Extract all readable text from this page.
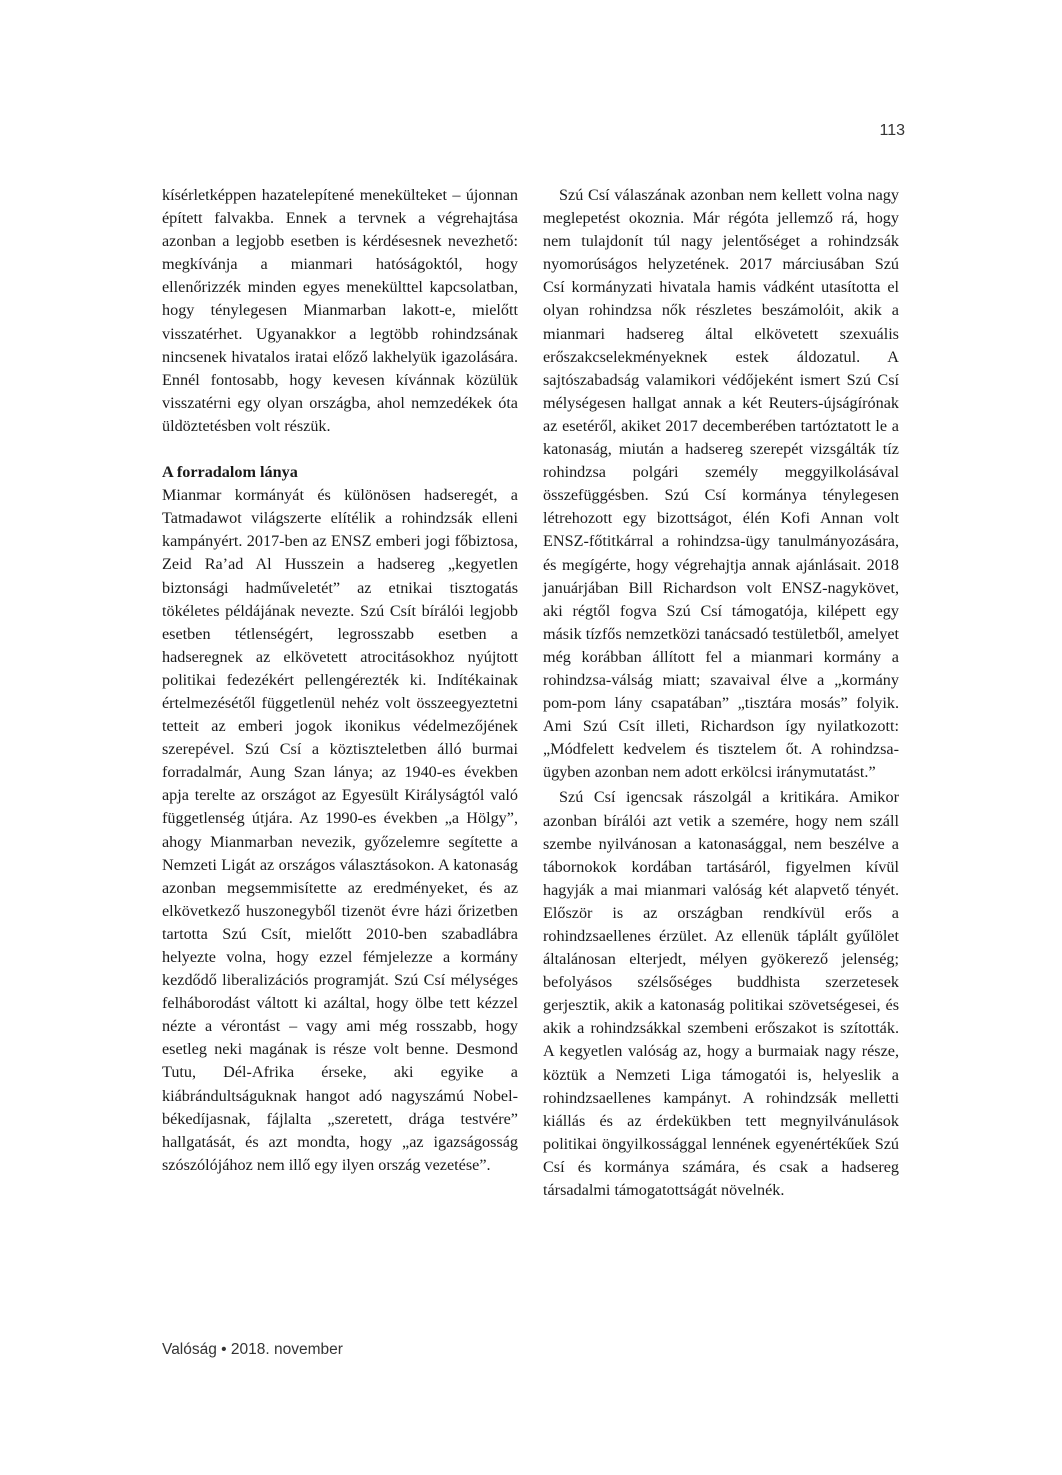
113

kísérletképpen hazatelepítené menekülteket – újonnan épített falvakba. Ennek a tervnek a végrehajtása azonban a legjobb esetben is kérdésesnek nevezhető: megkívánja a mianmari hatóságoktól, hogy ellenőrizzék minden egyes menekülttel kapcsolatban, hogy ténylegesen Mianmarban lakott-e, mielőtt visszatérhet. Ugyanakkor a legtöbb rohindzsának nincsenek hivatalos iratai előző lakhelyük igazolására. Ennél fontosabb, hogy kevesen kívánnak közülük visszatérni egy olyan országba, ahol nemzedékek óta üldöztetésben volt részük.

A forradalom lánya

Mianmar kormányát és különösen hadseregét, a Tatmadawot világszerte elítélik a rohindzsák elleni kampányért. 2017-ben az ENSZ emberi jogi főbiztosa, Zeid Ra’ad Al Husszein a hadsereg „kegyetlen biztonsági hadműveletét” az etnikai tisztogatás tökéletes példájának nevezte. Szú Csít bírálói legjobb esetben tétlenségért, legrosszabb esetben a hadseregnek az elkövetett atrocitásokhoz nyújtott politikai fedezékért pellengérezték ki. Indítékainak értelmezésétől függetlenül nehéz volt összeegyeztetni tetteit az emberi jogok ikonikus védelmezőjének szerepével. Szú Csí a köztiszteletben álló burmai forradalmár, Aung Szan lánya; az 1940-es években apja terelte az országot az Egyesült Királyságtól való függetlenség útjára. Az 1990-es években „a Hölgy”, ahogy Mianmarban nevezik, győzelemre segítette a Nemzeti Ligát az országos választásokon. A katonaság azonban megsemmisítette az eredményeket, és az elkövetkező huszonegyből tizenöt évre házi őrizetben tartotta Szú Csít, mielőtt 2010-ben szabadlábra helyezte volna, hogy ezzel fémjelezze a kormány kezdődő liberalizációs programját. Szú Csí mélységes felháborodást váltott ki azáltal, hogy ölbe tett kézzel nézte a vérontást – vagy ami még rosszabb, hogy esetleg neki magának is része volt benne. Desmond Tutu, Dél-Afrika érseke, aki egyike a kiábrándultságuknak hangot adó nagyszámú Nobel-békedíjasnak, fájlalta „szeretett, drága testvére” hallgatását, és azt mondta, hogy „az igazságosság szószólójához nem illő egy ilyen ország vezetése”.

Szú Csí válaszának azonban nem kellett volna nagy meglepetést okoznia. Már régóta jellemző rá, hogy nem tulajdonít túl nagy jelentőséget a rohindzsák nyomorúságos helyzetének. 2017 márciusában Szú Csí kormányzati hivatala hamis vádként utasította el olyan rohindzsa nők részletes beszámolóit, akik a mianmari hadsereg által elkövetett szexuális erőszakcselekményeknek estek áldozatul. A sajtószabadság valamikori védőjeként ismert Szú Csí mélységesen hallgat annak a két Reuters-újságírónak az esetéről, akiket 2017 decemberében tartóztatott le a katonaság, miután a hadsereg szerepét vizsgálták tíz rohindzsa polgári személy meggyilkolásával összefüggésben. Szú Csí kormánya ténylegesen létrehozott egy bizottságot, élén Kofi Annan volt ENSZ-főtitkárral a rohindzsa-ügy tanulmányozására, és megígérte, hogy végrehajtja annak ajánlásait. 2018 januárjában Bill Richardson volt ENSZ-nagykövet, aki régtől fogva Szú Csí támogatója, kilépett egy másik tízfős nemzetközi tanácsadó testületből, amelyet még korábban állított fel a mianmari kormány a rohindzsa-válság miatt; szavaival élve a „kormány pom-pom lány csapatában” „tisztára mosás” folyik. Ami Szú Csít illeti, Richardson így nyilatkozott: „Módfelett kedvelem és tisztelem őt. A rohindzsa-ügyben azonban nem adott erkölcsi iránymutatást.”

Szú Csí igencsak rászolgál a kritikára. Amikor azonban bírálói azt vetik a szemére, hogy nem száll szembe nyilvánosan a katonasággal, nem beszélve a tábornokok kordában tartásáról, figyelmen kívül hagyják a mai mianmari valóság két alapvető tényét. Először is az országban rendkívül erős a rohindzsaellenes érzület. Az ellenük táplált gyűlölet általánosan elterjedt, mélyen gyökerező jelenség; befolyásos szélsőséges buddhista szerzetesek gerjesztik, akik a katonaság politikai szövetségesei, és akik a rohindzsákkal szembeni erőszakot is szították. A kegyetlen valóság az, hogy a burmaiak nagy része, köztük a Nemzeti Liga támogatói is, helyeslik a rohindzsaellenes kampányt. A rohindzsák melletti kiállás és az érdekükben tett megnyilvánulások politikai öngyilkossággal lennének egyenértékűek Szú Csí és kormánya számára, és csak a hadsereg társadalmi támogatottságát növelnék.

Valóság • 2018. november
